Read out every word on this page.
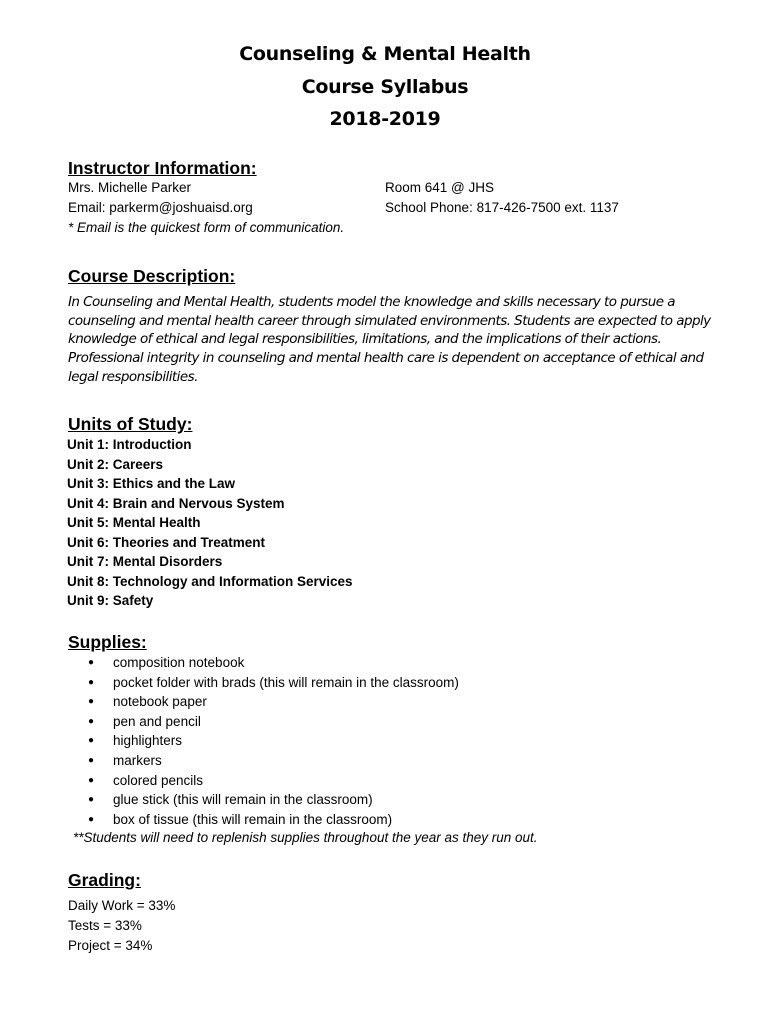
Counseling & Mental Health
Course Syllabus
2018-2019
Instructor Information:
Mrs. Michelle Parker
Email: parkerm@joshuaisd.org
* Email is the quickest form of communication.
Room 641 @ JHS
School Phone: 817-426-7500 ext. 1137
Course Description:
In Counseling and Mental Health, students model the knowledge and skills necessary to pursue a
counseling and mental health career through simulated environments. Students are expected to apply
knowledge of ethical and legal responsibilities, limitations, and the implications of their actions.
Professional integrity in counseling and mental health care is dependent on acceptance of ethical and
legal responsibilities.
Units of Study:
Unit 1: Introduction
Unit 2: Careers
Unit 3: Ethics and the Law
Unit 4: Brain and Nervous System
Unit 5: Mental Health
Unit 6: Theories and Treatment
Unit 7: Mental Disorders
Unit 8: Technology and Information Services
Unit 9: Safety
Supplies:
● composition notebook
● pocket folder with brads (this will remain in the classroom)
● notebook paper
● pen and pencil
● highlighters
● markers
● colored pencils
● glue stick (this will remain in the classroom)
● box of tissue (this will remain in the classroom)
**Students will need to replenish supplies throughout the year as they run out.
Grading:
Daily Work = 33%
Tests = 33%
Project = 34%
